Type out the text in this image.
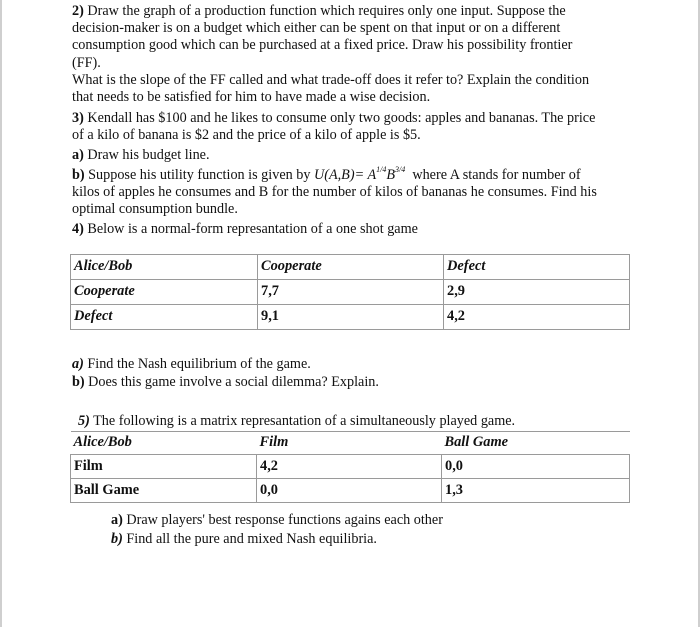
2) Draw the graph of a production function which requires only one input. Suppose the
decision-maker is on a budget which either can be spent on that input or on a different
consumption good which can be purchased at a fixed price. Draw his possibility frontier
(FF).
What is the slope of the FF called and what trade-off does it refer to? Explain the condition
that needs to be satisfied for him to have made a wise decision.
3) Kendall has $100 and he likes to consume only two goods: apples and bananas. The price
of a kilo of banana is $2 and the price of a kilo of apple is $5.
a) Draw his budget line.
b) Suppose his utility function is given by $U(A,B)= A^{1/4}B^{3/4}$ where A stands for number of
kilos of apples he consumes and B for the number of kilos of bananas he consumes. Find his
optimal consumption bundle.
4) Below is a normal-form represantation of a one shot game
Alice/Bob	Cooperate	Defect
Cooperate	7,7	2,9
Defect	9,1	4,2
a) Find the Nash equilibrium of the game.
b) Does this game involve a social dilemma? Explain.
5) The following is a matrix represantation of a simultaneously played game.
Alice/Bob	Film	Ball Game
Film	4,2	0,0
Ball Game	0,0	1,3
a) Draw players' best response functions agains each other
b) Find all the pure and mixed Nash equilibria.
